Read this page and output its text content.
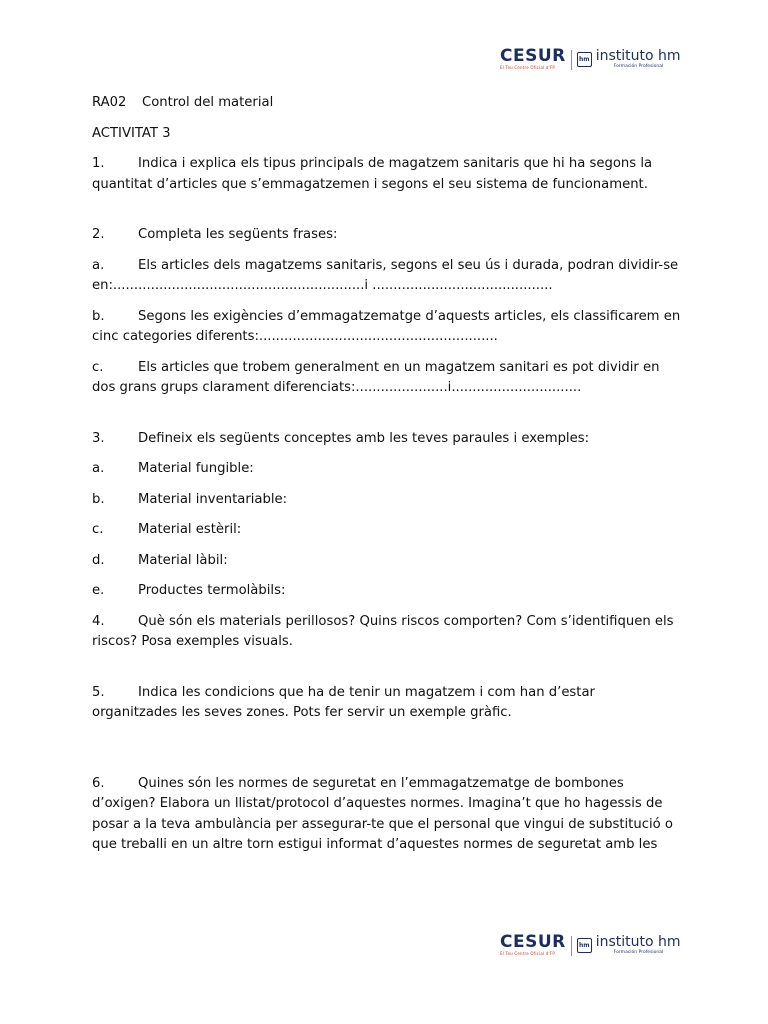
CESUR
El Teu Centre Oficial d'FP
hm instituto hm
Formación Profesional

RA02 Control del material

ACTIVITAT 3

1.	Indica i explica els tipus principals de magatzem sanitaris que hi ha segons la quantitat d’articles que s’emmagatzemen i segons el seu sistema de funcionament.

2.	Completa les següents frases:

a.	Els articles dels magatzems sanitaris, segons el seu ús i durada, podran dividir-se en:............................................................i ...........................................

b.	Segons les exigències d’emmagatzematge d’aquests articles, els classificarem en cinc categories diferents:.........................................................

c.	Els articles que trobem generalment en un magatzem sanitari es pot dividir en dos grans grups clarament diferenciats:......................i...............................

3.	Defineix els següents conceptes amb les teves paraules i exemples:

a.	Material fungible:

b.	Material inventariable:

c.	Material estèril:

d.	Material làbil:

e.	Productes termolàbils:

4.	Què són els materials perillosos? Quins riscos comporten? Com s’identifiquen els riscos? Posa exemples visuals.

5.	Indica les condicions que ha de tenir un magatzem i com han d’estar organitzades les seves zones. Pots fer servir un exemple gràfic.

6.	Quines són les normes de seguretat en l’emmagatzematge de bombones d’oxigen? Elabora un llistat/protocol d’aquestes normes. Imagina’t que ho hagessis de posar a la teva ambulància per assegurar-te que el personal que vingui de substitució o que treballi en un altre torn estigui informat d’aquestes normes de seguretat amb les

CESUR
El Teu Centre Oficial d'FP
hm instituto hm
Formación Profesional
